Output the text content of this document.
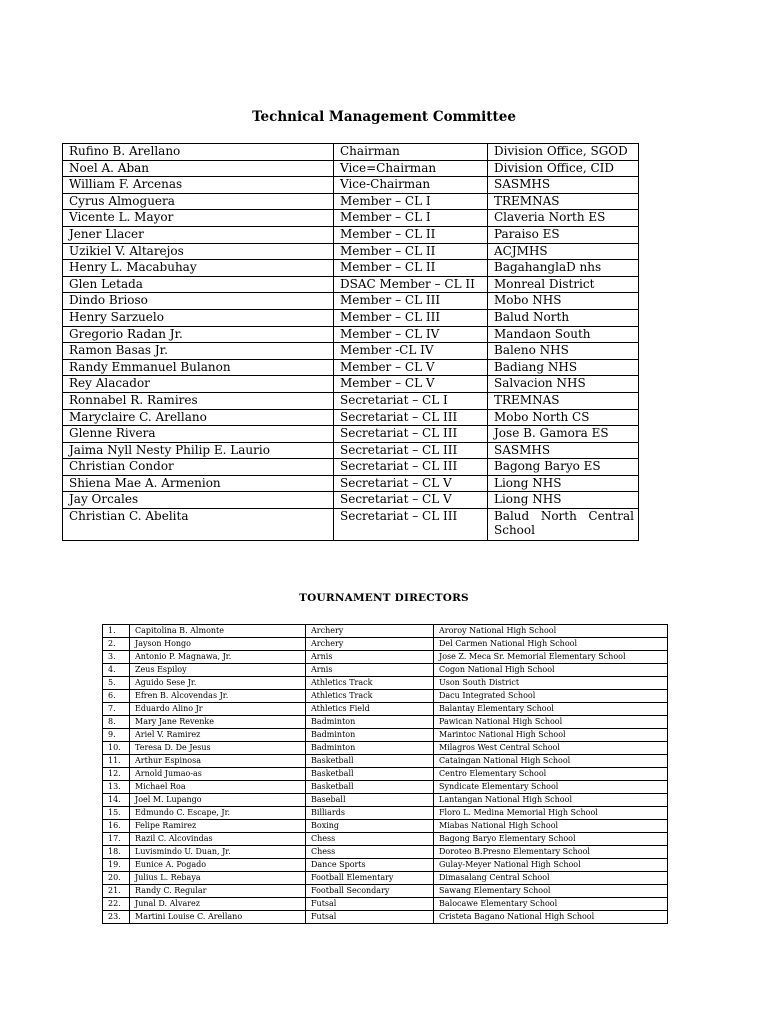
Technical Management Committee
Rufino B. Arellano	Chairman	Division Office, SGOD
Noel A. Aban	Vice=Chairman	Division Office, CID
William F. Arcenas	Vice-Chairman	SASMHS
Cyrus Almoguera	Member – CL I	TREMNAS
Vicente L. Mayor	Member – CL I	Claveria North ES
Jener Llacer	Member – CL II	Paraiso ES
Uzikiel V. Altarejos	Member – CL II	ACJMHS
Henry L. Macabuhay	Member – CL II	BagahanglaD nhs
Glen Letada	DSAC Member – CL II	Monreal District
Dindo Brioso	Member – CL III	Mobo NHS
Henry Sarzuelo	Member – CL III	Balud North
Gregorio Radan Jr.	Member – CL IV	Mandaon South
Ramon Basas Jr.	Member -CL IV	Baleno NHS
Randy Emmanuel Bulanon	Member – CL V	Badiang NHS
Rey Alacador	Member – CL V	Salvacion NHS
Ronnabel R. Ramires	Secretariat – CL I	TREMNAS
Maryclaire C. Arellano	Secretariat – CL III	Mobo North CS
Glenne Rivera	Secretariat – CL III	Jose B. Gamora ES
Jaima Nyll Nesty Philip E. Laurio	Secretariat – CL III	SASMHS
Christian Condor	Secretariat – CL III	Bagong Baryo ES
Shiena Mae A. Armenion	Secretariat – CL V	Liong NHS
Jay Orcales	Secretariat – CL V	Liong NHS
Christian C. Abelita	Secretariat – CL III	Balud North Central
School
TOURNAMENT DIRECTORS
1.	Capitolina B. Almonte	Archery	Aroroy National High School
2.	Jayson Hongo	Archery	Del Carmen National High School
3.	Antonio P. Magnawa, Jr.	Arnis	Jose Z. Meca Sr. Memorial Elementary School
4.	Zeus Espiloy	Arnis	Cogon National High School
5.	Aguido Sese Jr.	Athletics Track	Uson South District
6.	Efren B. Alcovendas Jr.	Athletics Track	Dacu Integrated School
7.	Eduardo Alino Jr	Athletics Field	Balantay Elementary School
8.	Mary Jane Revenke	Badminton	Pawican National High School
9.	Ariel V. Ramirez	Badminton	Marintoc National High School
10.	Teresa D. De Jesus	Badminton	Milagros West Central School
11.	Arthur Espinosa	Basketball	Cataingan National High School
12.	Arnold Jumao-as	Basketball	Centro Elementary School
13.	Michael Roa	Basketball	Syndicate Elementary School
14.	Joel M. Lupango	Baseball	Lantangan National High School
15.	Edmundo C. Escape, Jr.	Billiards	Floro L. Medina Memorial High School
16.	Felipe Ramirez	Boxing	Miabas National High School
17.	Razil C. Alcovindas	Chess	Bagong Baryo Elementary School
18.	Luvismindo U. Duan, Jr.	Chess	Doroteo B.Presno Elementary School
19.	Eunice A. Pogado	Dance Sports	Gulay-Meyer National High School
20.	Julius L. Rebaya	Football Elementary	Dimasalang Central School
21.	Randy C. Regular	Football Secondary	Sawang Elementary School
22.	Junal D. Alvarez	Futsal	Balocawe Elementary School
23.	Martini Louise C. Arellano	Futsal	Cristeta Bagano National High School
